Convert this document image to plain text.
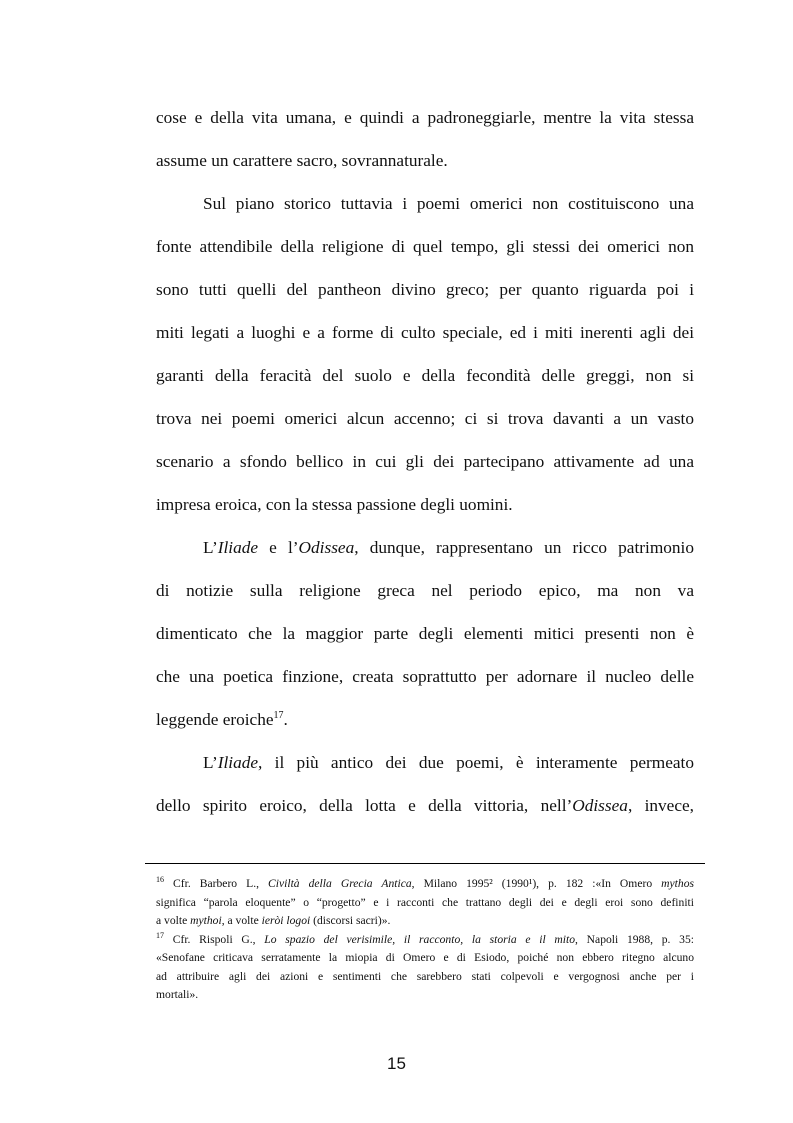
cose e della vita umana, e quindi a padroneggiarle, mentre la vita stessa
assume un carattere sacro, sovrannaturale.
Sul piano storico tuttavia i poemi omerici non costituiscono una
fonte attendibile della religione di quel tempo, gli stessi dei omerici non
sono tutti quelli del pantheon divino greco; per quanto riguarda poi i
miti legati a luoghi e a forme di culto speciale, ed i miti inerenti agli dei
garanti della feracità del suolo e della fecondità delle greggi, non si
trova nei poemi omerici alcun accenno; ci si trova davanti a un vasto
scenario a sfondo bellico in cui gli dei partecipano attivamente ad una
impresa eroica, con la stessa passione degli uomini.
L’Iliade e l’Odissea, dunque, rappresentano un ricco patrimonio
di notizie sulla religione greca nel periodo epico, ma non va
dimenticato che la maggior parte degli elementi mitici presenti non è
che una poetica finzione, creata soprattutto per adornare il nucleo delle
leggende eroiche$^{17}$.
L’Iliade, il più antico dei due poemi, è interamente permeato
dello spirito eroico, della lotta e della vittoria, nell’Odissea, invece,
$^{16}$ Cfr. Barbero L., Civiltà della Grecia Antica, Milano 1995² (1990¹), p. 182 :«In Omero mythos
significa “parola eloquente” o “progetto” e i racconti che trattano degli dei e degli eroi sono definiti
a volte mythoi, a volte ieròi logoi (discorsi sacri)».
$^{17}$ Cfr. Rispoli G., Lo spazio del verisimile, il racconto, la storia e il mito, Napoli 1988, p. 35:
«Senofane criticava serratamente la miopia di Omero e di Esiodo, poiché non ebbero ritegno alcuno
ad attribuire agli dei azioni e sentimenti che sarebbero stati colpevoli e vergognosi anche per i
mortali».
15
